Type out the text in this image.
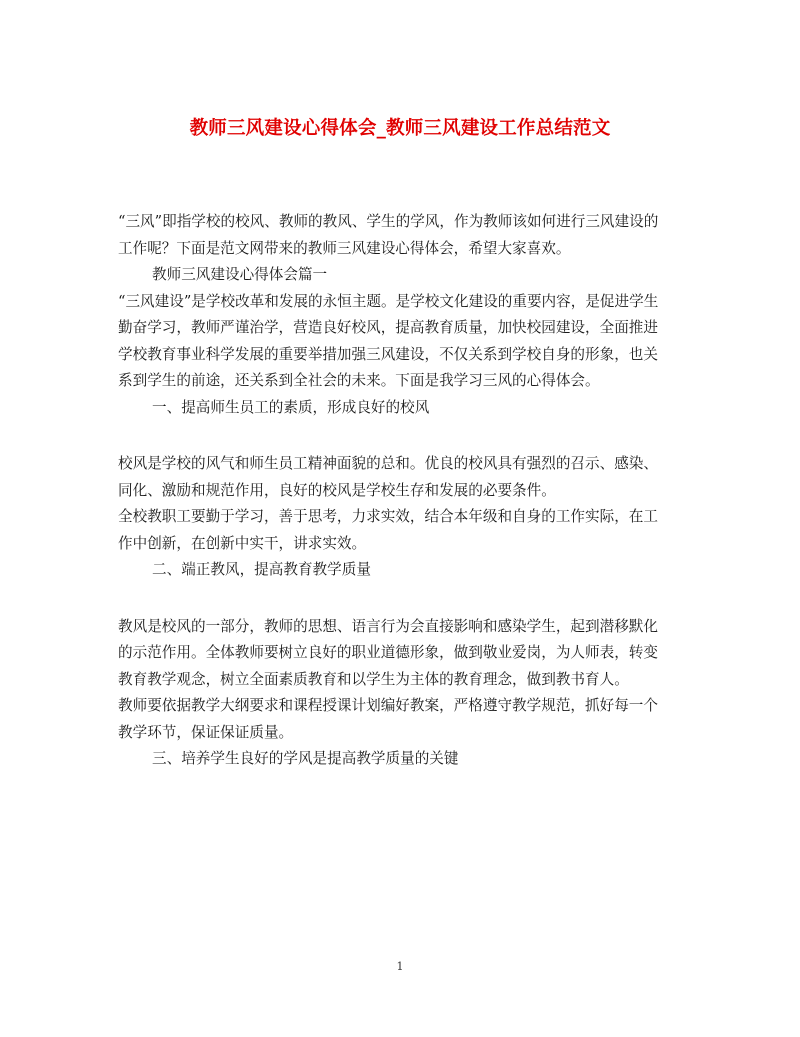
教师三风建设心得体会_教师三风建设工作总结范文

“三风”即指学校的校风、教师的教风、学生的学风，作为教师该如何进行三风建设的工作呢？下面是范文网带来的教师三风建设心得体会，希望大家喜欢。

教师三风建设心得体会篇一

“三风建设”是学校改革和发展的永恒主题。是学校文化建设的重要内容，是促进学生勤奋学习，教师严谨治学，营造良好校风，提高教育质量，加快校园建设，全面推进学校教育事业科学发展的重要举措加强三风建设，不仅关系到学校自身的形象，也关系到学生的前途，还关系到全社会的未来。下面是我学习三风的心得体会。

一、提高师生员工的素质，形成良好的校风

校风是学校的风气和师生员工精神面貌的总和。优良的校风具有强烈的召示、感染、同化、激励和规范作用，良好的校风是学校生存和发展的必要条件。

全校教职工要勤于学习，善于思考，力求实效，结合本年级和自身的工作实际，在工作中创新，在创新中实干，讲求实效。

二、端正教风，提高教育教学质量

教风是校风的一部分，教师的思想、语言行为会直接影响和感染学生，起到潜移默化的示范作用。全体教师要树立良好的职业道德形象，做到敬业爱岗，为人师表，转变教育教学观念，树立全面素质教育和以学生为主体的教育理念，做到教书育人。

教师要依据教学大纲要求和课程授课计划编好教案，严格遵守教学规范，抓好每一个教学环节，保证保证质量。

三、培养学生良好的学风是提高教学质量的关键

1
